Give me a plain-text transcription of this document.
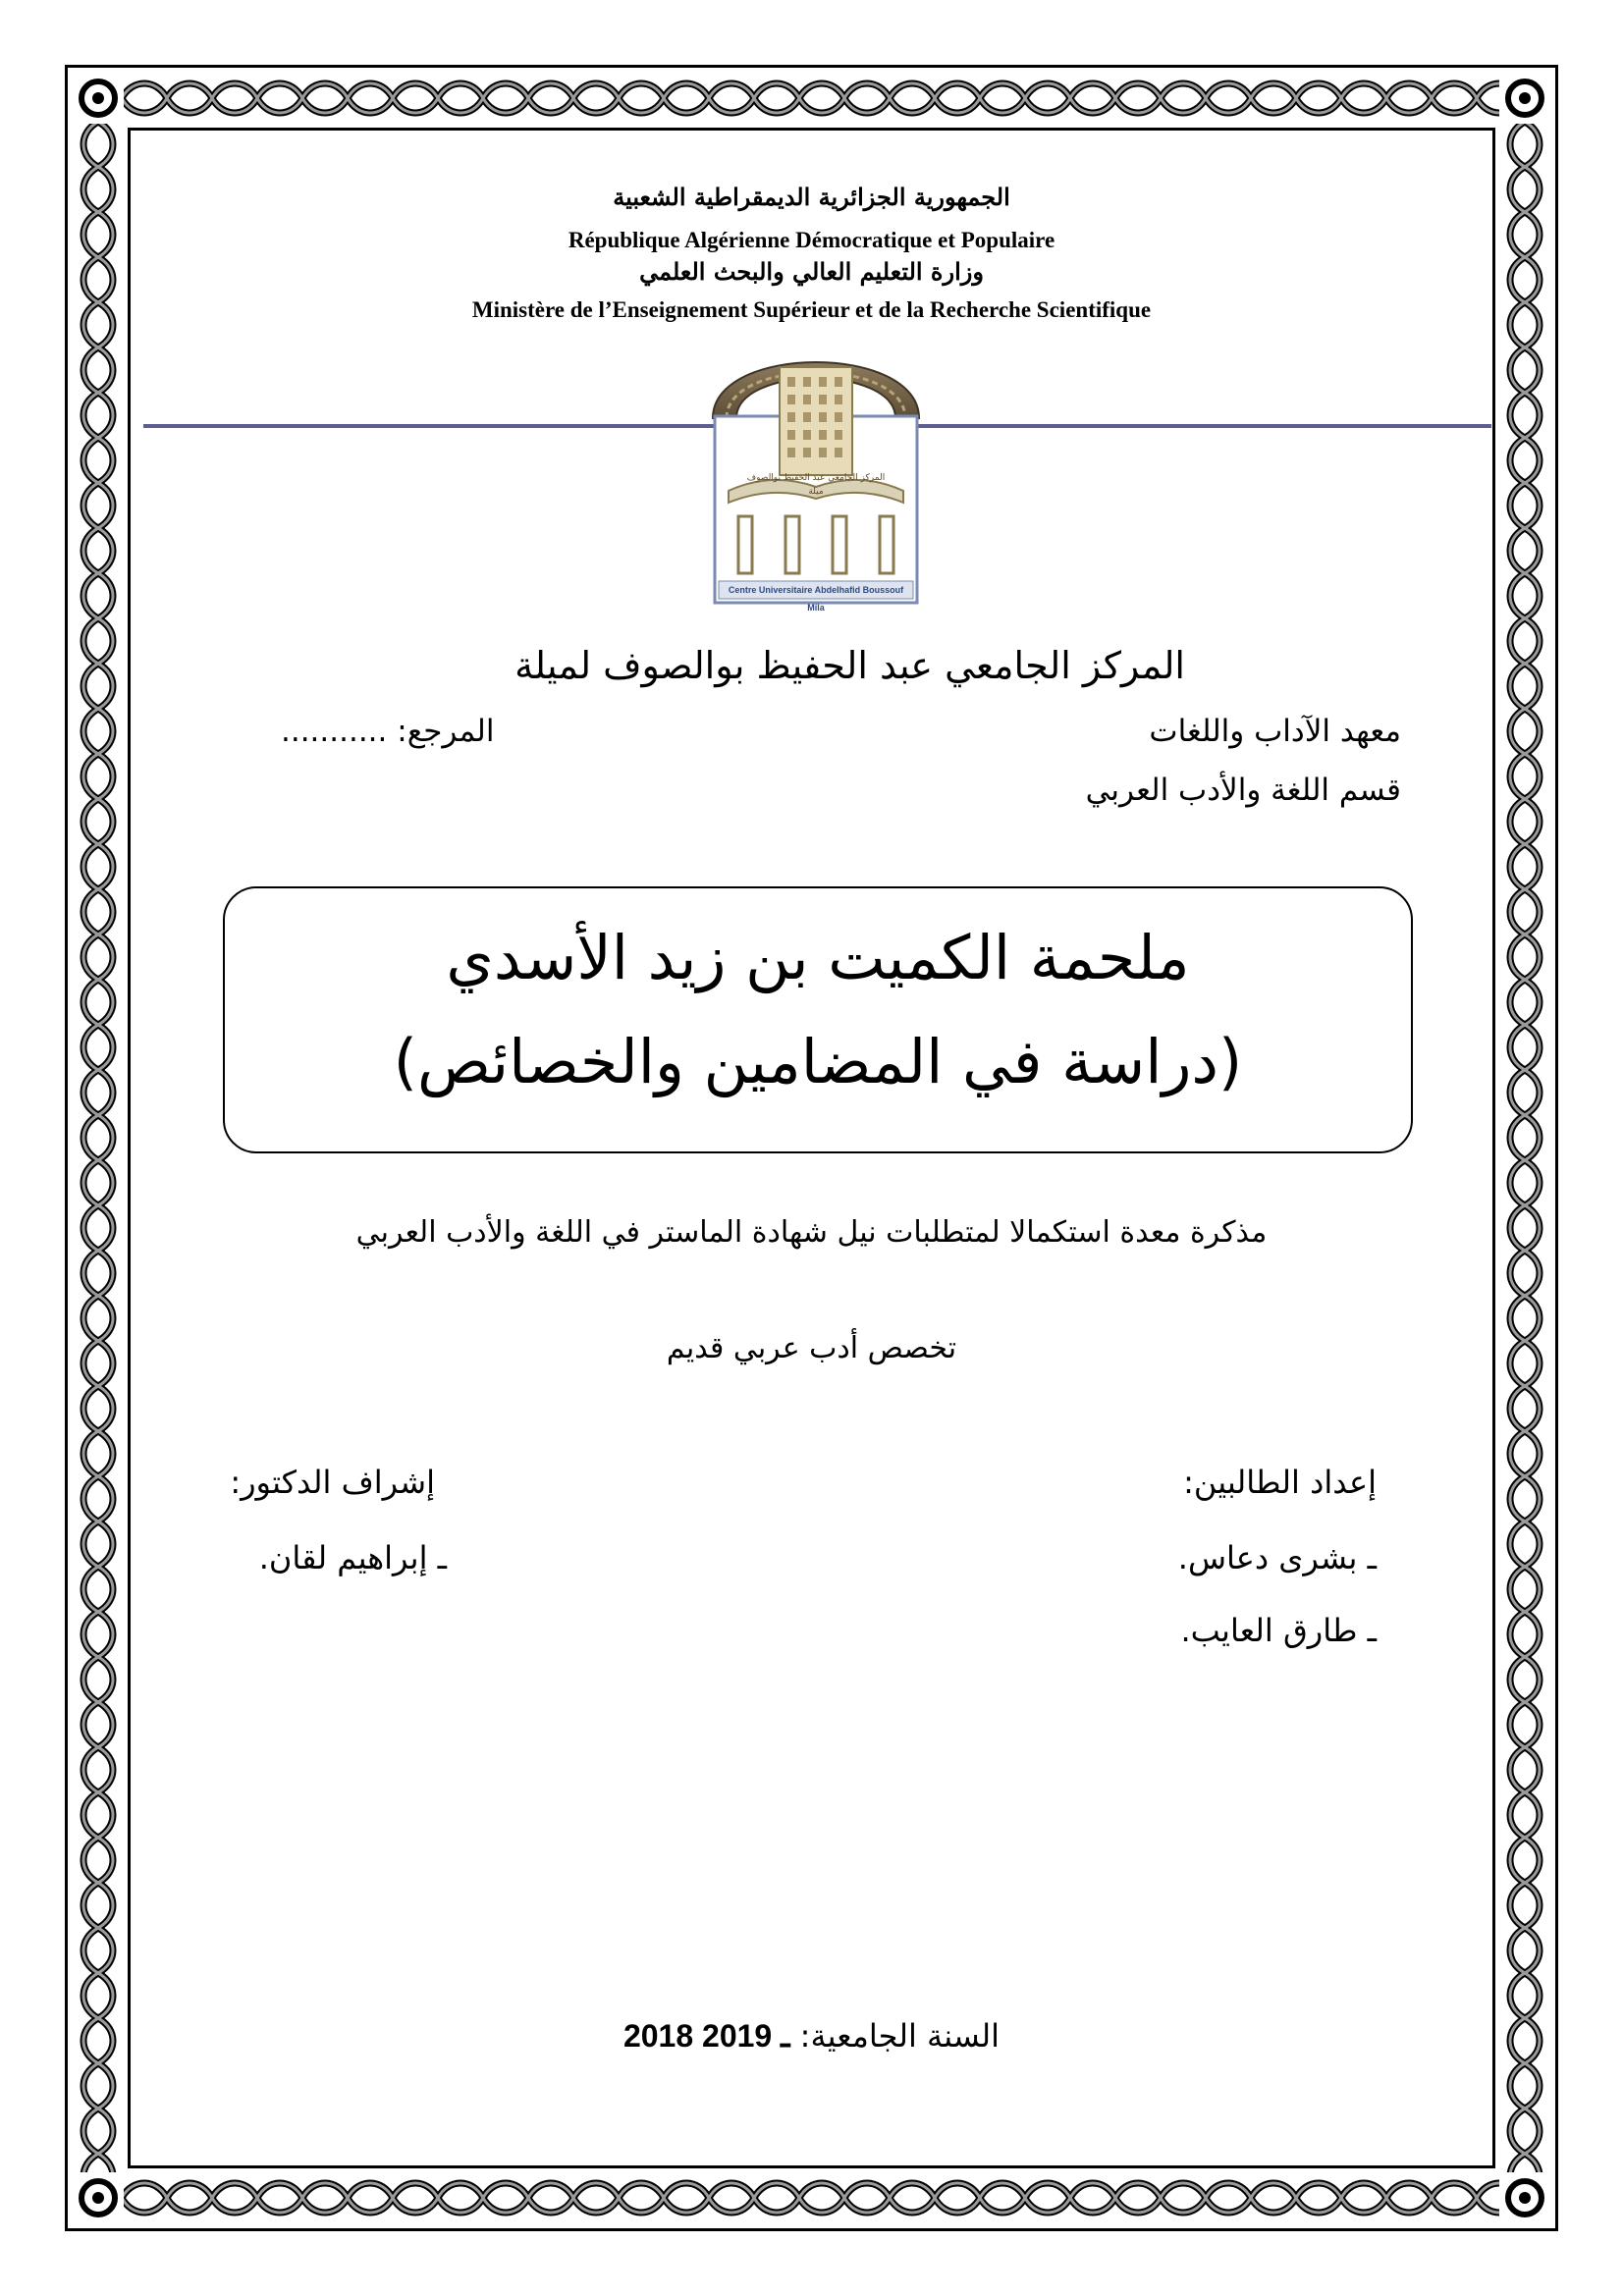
الجمهورية الجزائرية الديمقراطية الشعبية
République Algérienne Démocratique et Populaire
وزارة التعليم العالي والبحث العلمي
Ministère de l’Enseignement Supérieur et de la Recherche Scientifique
Centre Universitaire Abdelhafid Boussouf Mila
المركز الجامعي عبد الحفيظ بوالصوف ميلة
المركز الجامعي عبد الحفيظ بوالصوف لميلة
معهد الآداب واللغات
المرجع: ...........
قسم اللغة والأدب العربي
ملحمة الكميت بن زيد الأسدي
(دراسة في المضامين والخصائص)
مذكرة معدة استكمالا لمتطلبات نيل شهادة الماستر في اللغة والأدب العربي
تخصص أدب عربي قديم
إعداد الطالبين:
ـ بشرى دعاس.
ـ طارق العايب.
إشراف الدكتور:
ـ إبراهيم لقان.
السنة الجامعية: 2018 ـ 2019
